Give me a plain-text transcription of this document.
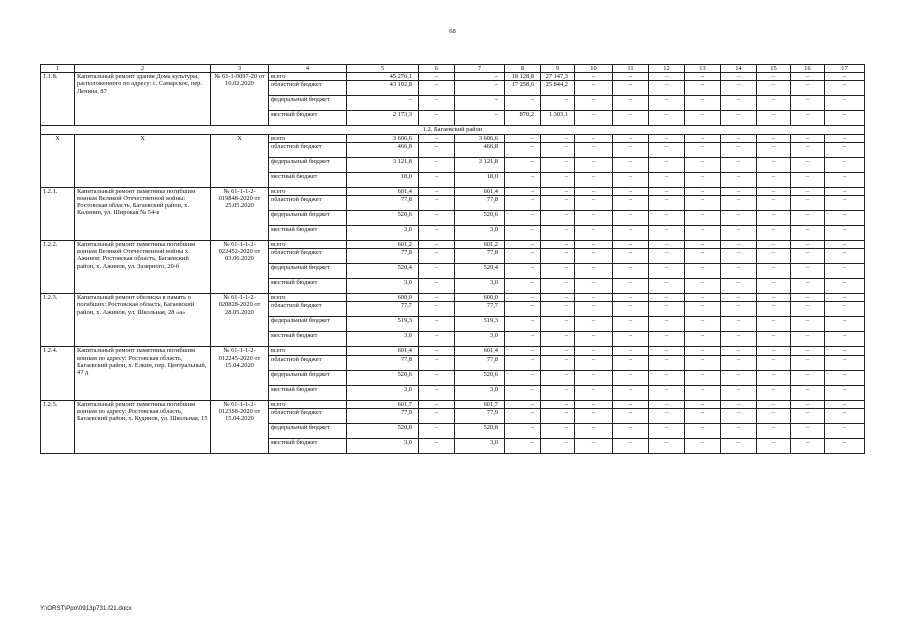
68
1	2	3	4	5	6	7	8	9	10	11	12	13	14	15	16	17
1.1.8.	Капитальный ремонт здания Дома культуры, расположенного по адресу: с. Самарское, пер. Ленина, 87	№ 61-1-0097-20 от 10.02.2020	всего	45 276,1	–	–	18 128,8	27 147,3	–	–	–	–	–	–	–	–
			областной бюджет	43 102,8	–	–	17 258,6	25 844,2	–	–	–	–	–	–	–	–
			федеральный бюджет	–	–	–	–	–	–	–	–	–	–	–	–	–
			местный бюджет	2 173,3	–	–	870,2	1 303,1	–	–	–	–	–	–	–	–
1.2. Багаевский район																
Х	Х	Х	всего	3 606,6	–	3 606,6	–	–	–	–	–	–	–	–	–	–
			областной бюджет	466,8	–	466,8	–	–	–	–	–	–	–	–	–	–
			федеральный бюджет	3 121,8	–	3 121,8	–	–	–	–	–	–	–	–	–	–
			местный бюджет	18,0	–	18,0	–	–	–	–	–	–	–	–	–	–
1.2.1.	Капитальный ремонт памятника погибшим воинам Великой Отечественной войны: Ростовская область, Багаевский район, х. Калинин, ул. Широкая № 54-в	№ 61-1-1-2-019848-2020 от 25.05.2020	всего	601,4	–	601,4	–	–	–	–	–	–	–	–	–	–
			областной бюджет	77,8	–	77,8	–	–	–	–	–	–	–	–	–	–
			федеральный бюджет	520,6	–	520,6	–	–	–	–	–	–	–	–	–	–
			местный бюджет	3,0	–	3,0	–	–	–	–	–	–	–	–	–	–
1.2.2.	Капитальный ремонт памятника погибшим воинам Великой Отечественной войны х. Ажинов: Ростовская область, Багаевский район, х. Ажинов, ул. Зазярного, 20-б	№ 61-1-1-2-022452-2020 от 03.06.2020	всего	601,2	–	601,2	–	–	–	–	–	–	–	–	–	–
			областной бюджет	77,8	–	77,8	–	–	–	–	–	–	–	–	–	–
			федеральный бюджет	520,4	–	520,4	–	–	–	–	–	–	–	–	–	–
			местный бюджет	3,0	–	3,0	–	–	–	–	–	–	–	–	–	–
1.2.3.	Капитальный ремонт обелиска в память о погибших: Ростовская область, Багаевский район, х. Ажинов, ул. Школьная, 28 «а»	№ 61-1-1-2-020828-2020 от 28.05.2020	всего	600,0	–	600,0	–	–	–	–	–	–	–	–	–	–
			областной бюджет	77,7	–	77,7	–	–	–	–	–	–	–	–	–	–
			федеральный бюджет	519,3	–	519,3	–	–	–	–	–	–	–	–	–	–
			местный бюджет	3,0	–	3,0	–	–	–	–	–	–	–	–	–	–
1.2.4.	Капитальный ремонт памятника погибшим воинам по адресу: Ростовская область, Багаевский район, х. Елкин, пер. Центральный, 47 д	№ 61-1-1-2-012245-2020 от 15.04.2020	всего	601,4	–	601,4	–	–	–	–	–	–	–	–	–	–
			областной бюджет	77,8	–	77,8	–	–	–	–	–	–	–	–	–	–
			федеральный бюджет	520,6	–	520,6	–	–	–	–	–	–	–	–	–	–
			местный бюджет	3,0	–	3,0	–	–	–	–	–	–	–	–	–	–
1.2.5.	Капитальный ремонт памятника погибшим воинам по адресу: Ростовская область, Багаевский район, х. Кудинов, ул. Школьная, 15	№ 61-1-1-2-012358-2020 от 15.04.2020	всего	601,7	–	601,7	–	–	–	–	–	–	–	–	–	–
			областной бюджет	77,9	–	77,9	–	–	–	–	–	–	–	–	–	–
			федеральный бюджет	520,8	–	520,8	–	–	–	–	–	–	–	–	–	–
			местный бюджет	3,0	–	3,0	–	–	–	–	–	–	–	–	–	–
Y:\ORST\Ppo\0913p731.f21.docx
